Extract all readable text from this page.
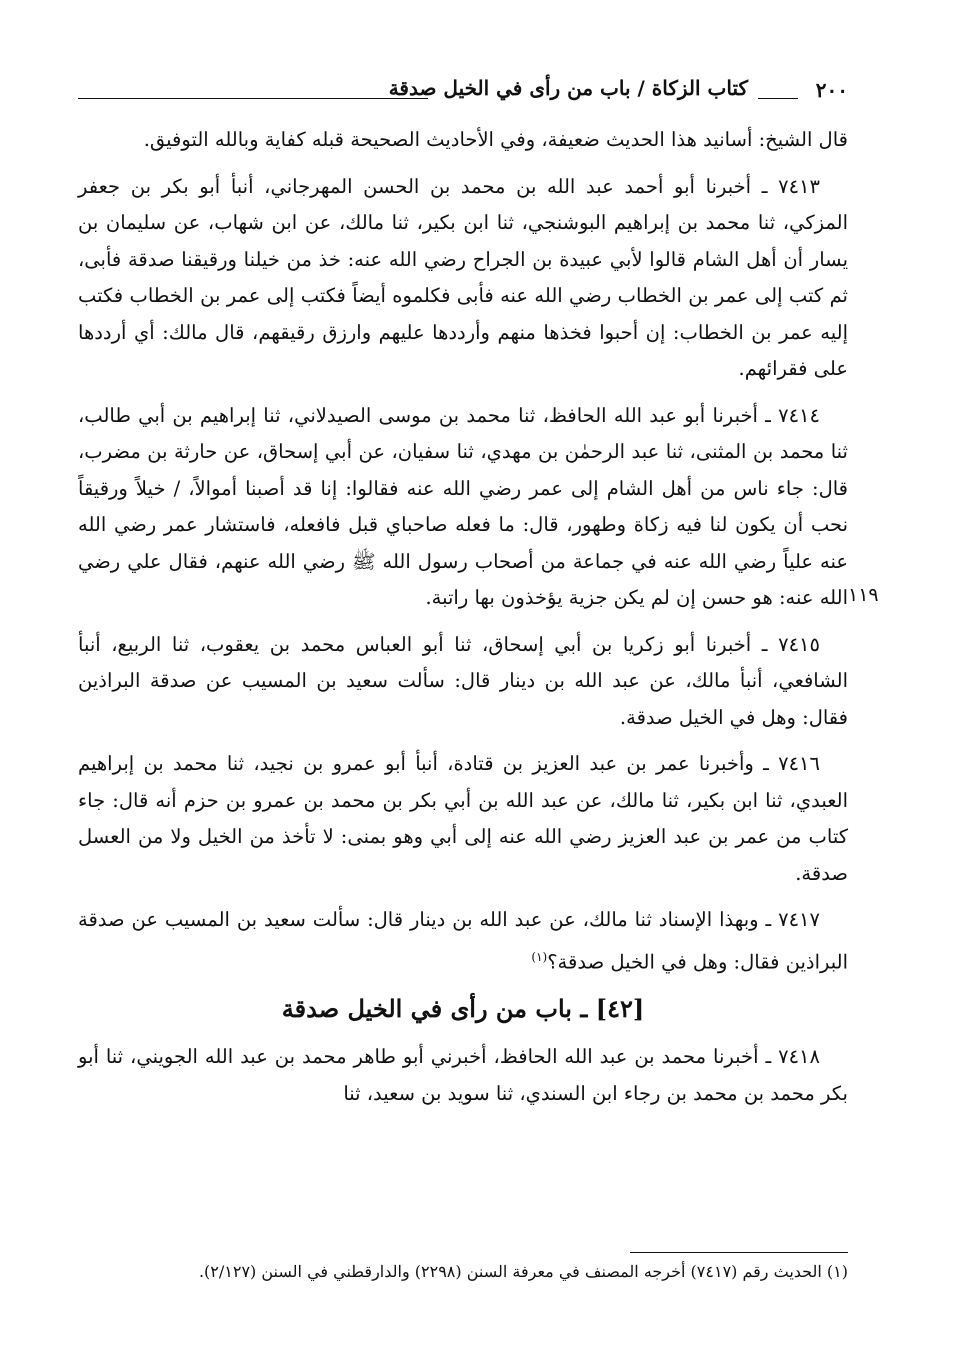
٢٠٠
كتاب الزكاة / باب من رأى في الخيل صدقة
١١٩

قال الشيخ: أسانيد هذا الحديث ضعيفة، وفي الأحاديث الصحيحة قبله كفاية وبالله التوفيق.

٧٤١٣ ـ أخبرنا أبو أحمد عبد الله بن محمد بن الحسن المهرجاني، أنبأ أبو بكر بن جعفر المزكي، ثنا محمد بن إبراهيم البوشنجي، ثنا ابن بكير، ثنا مالك، عن ابن شهاب، عن سليمان بن يسار أن أهل الشام قالوا لأبي عبيدة بن الجراح رضي الله عنه: خذ من خيلنا ورقيقنا صدقة فأبى، ثم كتب إلى عمر بن الخطاب رضي الله عنه فأبى فكلموه أيضاً فكتب إلى عمر بن الخطاب فكتب إليه عمر بن الخطاب: إن أحبوا فخذها منهم وأرددها عليهم وارزق رقيقهم، قال مالك: أي أرددها على فقرائهم.

٧٤١٤ ـ أخبرنا أبو عبد الله الحافظ، ثنا محمد بن موسى الصيدلاني، ثنا إبراهيم بن أبي طالب، ثنا محمد بن المثنى، ثنا عبد الرحمٰن بن مهدي، ثنا سفيان، عن أبي إسحاق، عن حارثة بن مضرب، قال: جاء ناس من أهل الشام إلى عمر رضي الله عنه فقالوا: إنا قد أصبنا أموالاً، / خيلاً ورقيقاً نحب أن يكون لنا فيه زكاة وطهور، قال: ما فعله صاحباي قبل فافعله، فاستشار عمر رضي الله عنه علياً رضي الله عنه في جماعة من أصحاب رسول الله ﷺ رضي الله عنهم، فقال علي رضي الله عنه: هو حسن إن لم يكن جزية يؤخذون بها راتبة.

٧٤١٥ ـ أخبرنا أبو زكريا بن أبي إسحاق، ثنا أبو العباس محمد بن يعقوب، ثنا الربيع، أنبأ الشافعي، أنبأ مالك، عن عبد الله بن دينار قال: سألت سعيد بن المسيب عن صدقة البراذين فقال: وهل في الخيل صدقة.

٧٤١٦ ـ وأخبرنا عمر بن عبد العزيز بن قتادة، أنبأ أبو عمرو بن نجيد، ثنا محمد بن إبراهيم العبدي، ثنا ابن بكير، ثنا مالك، عن عبد الله بن أبي بكر بن محمد بن عمرو بن حزم أنه قال: جاء كتاب من عمر بن عبد العزيز رضي الله عنه إلى أبي وهو بمنى: لا تأخذ من الخيل ولا من العسل صدقة.

٧٤١٧ ـ وبهذا الإسناد ثنا مالك، عن عبد الله بن دينار قال: سألت سعيد بن المسيب عن صدقة البراذين فقال: وهل في الخيل صدقة؟$^{(١)}$

[٤٢] ـ باب من رأى في الخيل صدقة

٧٤١٨ ـ أخبرنا محمد بن عبد الله الحافظ، أخبرني أبو طاهر محمد بن عبد الله الجويني، ثنا أبو بكر محمد بن محمد بن رجاء ابن السندي، ثنا سويد بن سعيد، ثنا

(١) الحديث رقم (٧٤١٧) أخرجه المصنف في معرفة السنن (٢٢٩٨) والدارقطني في السنن (٢/١٢٧).
